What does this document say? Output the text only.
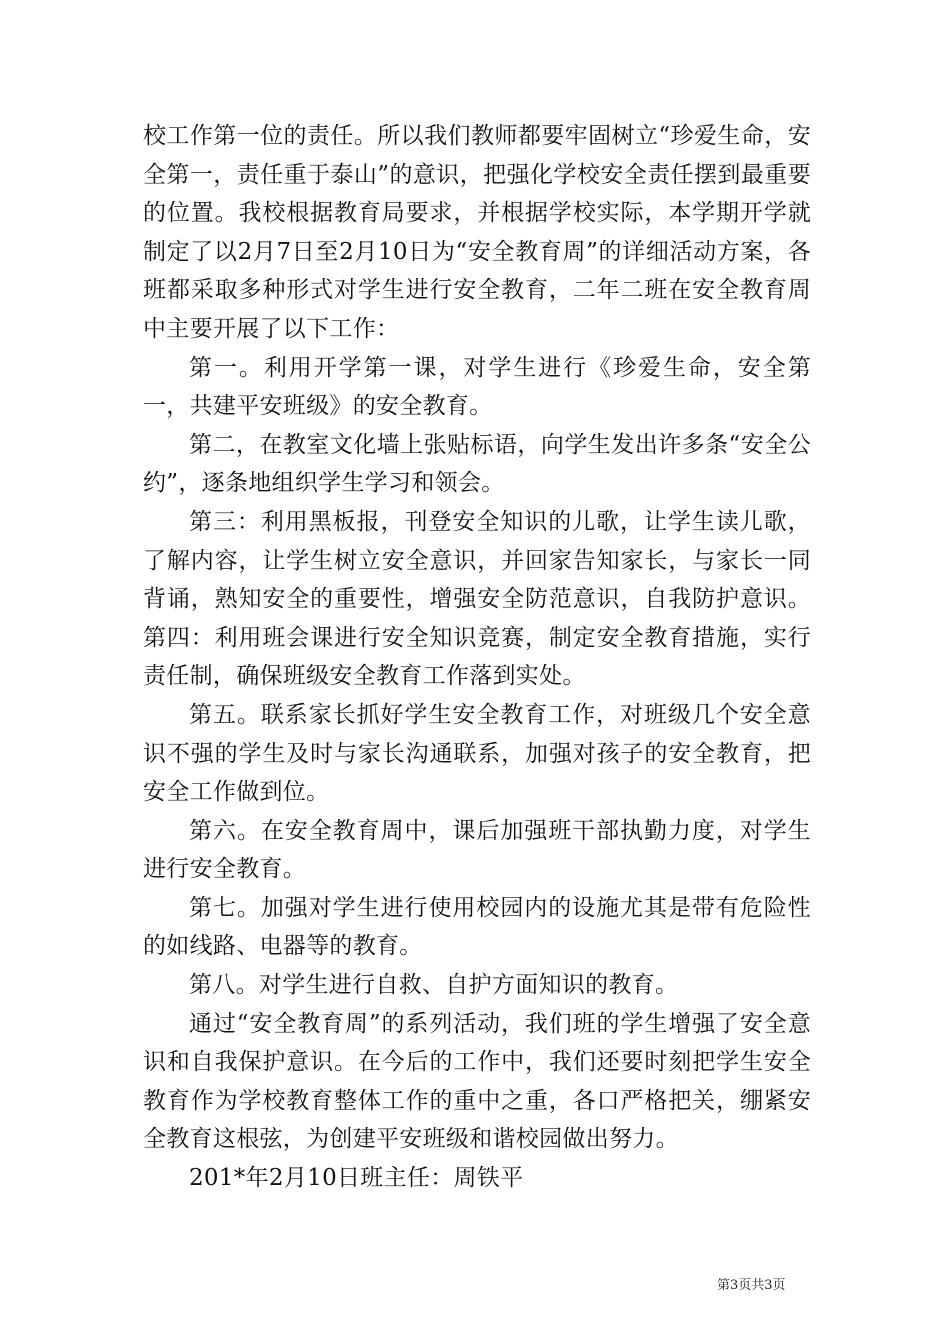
校工作第一位的责任。所以我们教师都要牢固树立“珍爱生命，安全第一，责任重于泰山”的意识，把强化学校安全责任摆到最重要的位置。我校根据教育局要求，并根据学校实际，本学期开学就制定了以2月7日至2月10日为“安全教育周”的详细活动方案，各班都采取多种形式对学生进行安全教育，二年二班在安全教育周中主要开展了以下工作：

第一。利用开学第一课，对学生进行《珍爱生命，安全第一，共建平安班级》的安全教育。

第二，在教室文化墙上张贴标语，向学生发出许多条“安全公约”，逐条地组织学生学习和领会。

第三：利用黑板报，刊登安全知识的儿歌，让学生读儿歌，了解内容，让学生树立安全意识，并回家告知家长，与家长一同背诵，熟知安全的重要性，增强安全防范意识，自我防护意识。第四：利用班会课进行安全知识竞赛，制定安全教育措施，实行责任制，确保班级安全教育工作落到实处。

第五。联系家长抓好学生安全教育工作，对班级几个安全意识不强的学生及时与家长沟通联系，加强对孩子的安全教育，把安全工作做到位。

第六。在安全教育周中，课后加强班干部执勤力度，对学生进行安全教育。

第七。加强对学生进行使用校园内的设施尤其是带有危险性的如线路、电器等的教育。

第八。对学生进行自救、自护方面知识的教育。

通过“安全教育周”的系列活动，我们班的学生增强了安全意识和自我保护意识。在今后的工作中，我们还要时刻把学生安全教育作为学校教育整体工作的重中之重，各口严格把关，绷紧安全教育这根弦，为创建平安班级和谐校园做出努力。

201*年2月10日班主任：周铁平

第3页共3页
